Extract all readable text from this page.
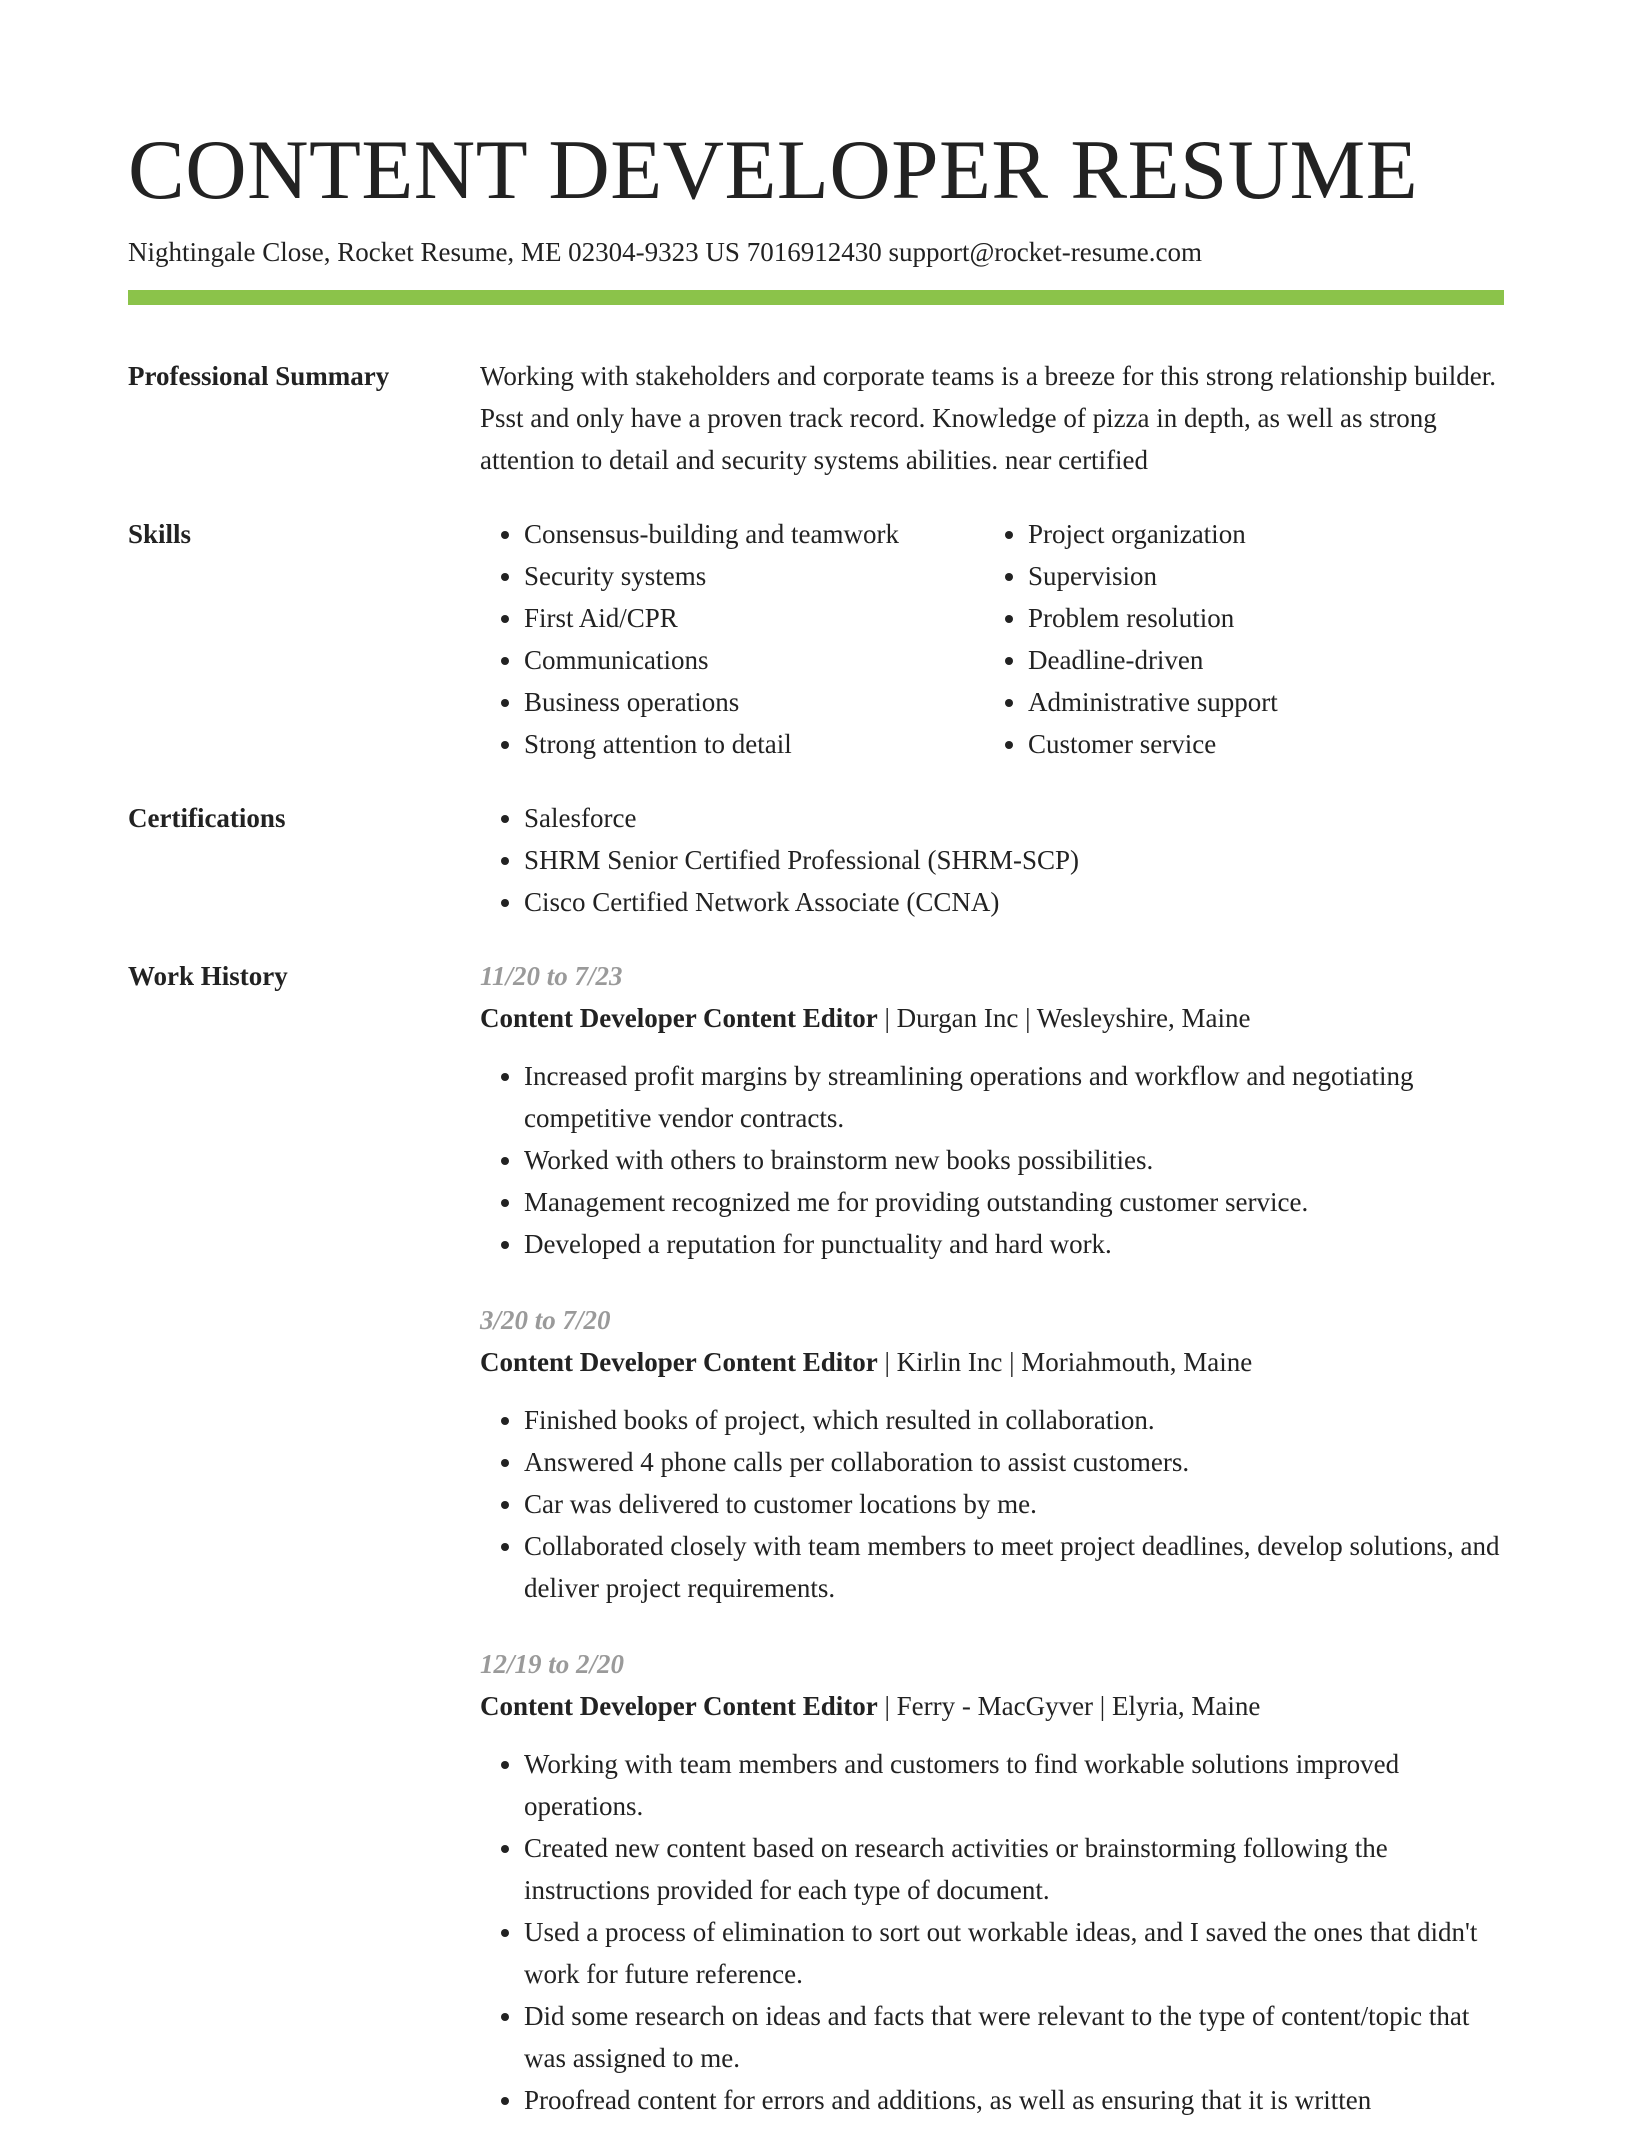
CONTENT DEVELOPER RESUME
Nightingale Close, Rocket Resume, ME 02304-9323 US 7016912430 support@rocket-resume.com
Professional Summary	Working with stakeholders and corporate teams is a breeze for this strong relationship builder. Psst and only have a proven track record. Knowledge of pizza in depth, as well as strong attention to detail and security systems abilities. near certified
Skills	• Consensus-building and teamwork
• Security systems
• First Aid/CPR
• Communications
• Business operations
• Strong attention to detail
• Project organization
• Supervision
• Problem resolution
• Deadline-driven
• Administrative support
• Customer service
Certifications	• Salesforce
• SHRM Senior Certified Professional (SHRM-SCP)
• Cisco Certified Network Associate (CCNA)
Work History	11/20 to 7/23
Content Developer Content Editor | Durgan Inc | Wesleyshire, Maine
• Increased profit margins by streamlining operations and workflow and negotiating competitive vendor contracts.
• Worked with others to brainstorm new books possibilities.
• Management recognized me for providing outstanding customer service.
• Developed a reputation for punctuality and hard work.
3/20 to 7/20
Content Developer Content Editor | Kirlin Inc | Moriahmouth, Maine
• Finished books of project, which resulted in collaboration.
• Answered 4 phone calls per collaboration to assist customers.
• Car was delivered to customer locations by me.
• Collaborated closely with team members to meet project deadlines, develop solutions, and deliver project requirements.
12/19 to 2/20
Content Developer Content Editor | Ferry - MacGyver | Elyria, Maine
• Working with team members and customers to find workable solutions improved operations.
• Created new content based on research activities or brainstorming following the instructions provided for each type of document.
• Used a process of elimination to sort out workable ideas, and I saved the ones that didn't work for future reference.
• Did some research on ideas and facts that were relevant to the type of content/topic that was assigned to me.
• Proofread content for errors and additions, as well as ensuring that it is written
